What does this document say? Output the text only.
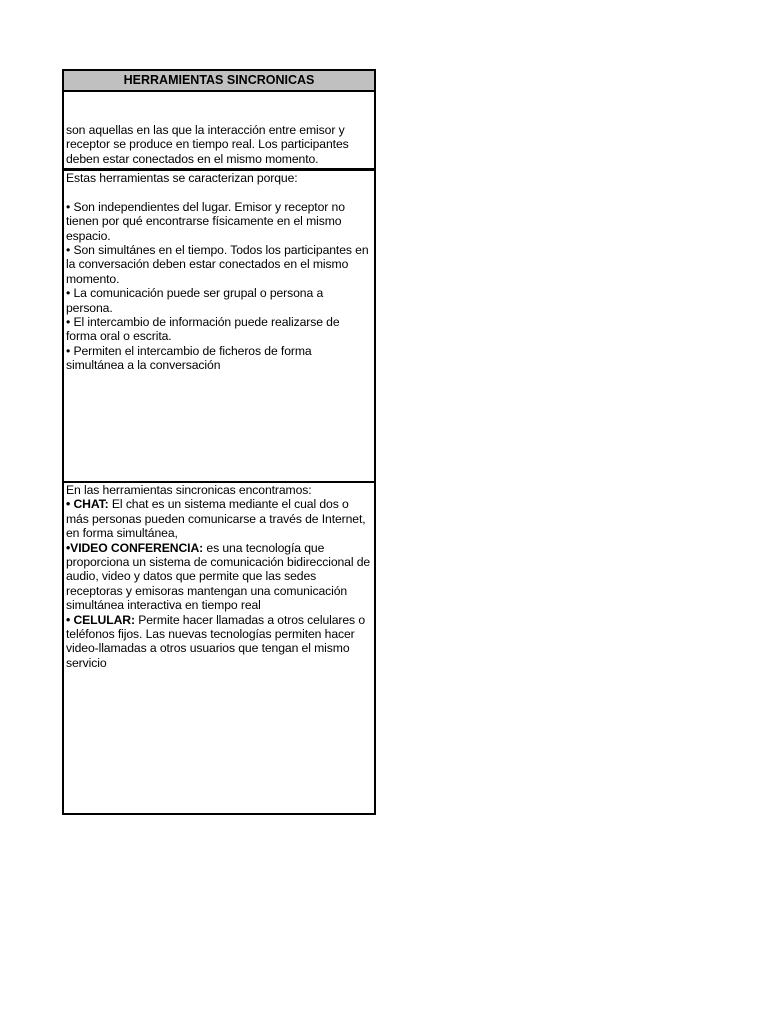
HERRAMIENTAS SINCRONICAS
son aquellas en las que la interacción entre emisor y receptor se produce en tiempo real. Los participantes deben estar conectados en el mismo momento.
Estas herramientas se caracterizan porque:
• Son independientes del lugar. Emisor y receptor no tienen por qué encontrarse físicamente en el mismo espacio.
• Son simultánes en el tiempo. Todos los participantes en la conversación deben estar conectados en el mismo momento.
• La comunicación puede ser grupal o persona a persona.
• El intercambio de información puede realizarse de forma oral o escrita.
• Permiten el intercambio de ficheros de forma simultánea a la conversación
En las herramientas sincronicas encontramos:
• CHAT: El chat es un sistema mediante el cual dos o más personas pueden comunicarse a través de Internet, en forma simultánea,
•VIDEO CONFERENCIA: es una tecnología que proporciona un sistema de comunicación bidireccional de audio, video y datos que permite que las sedes receptoras y emisoras mantengan una comunicación simultánea interactiva en tiempo real
• CELULAR: Permite hacer llamadas a otros celulares o teléfonos fijos. Las nuevas tecnologías permiten hacer video-llamadas a otros usuarios que tengan el mismo servicio
